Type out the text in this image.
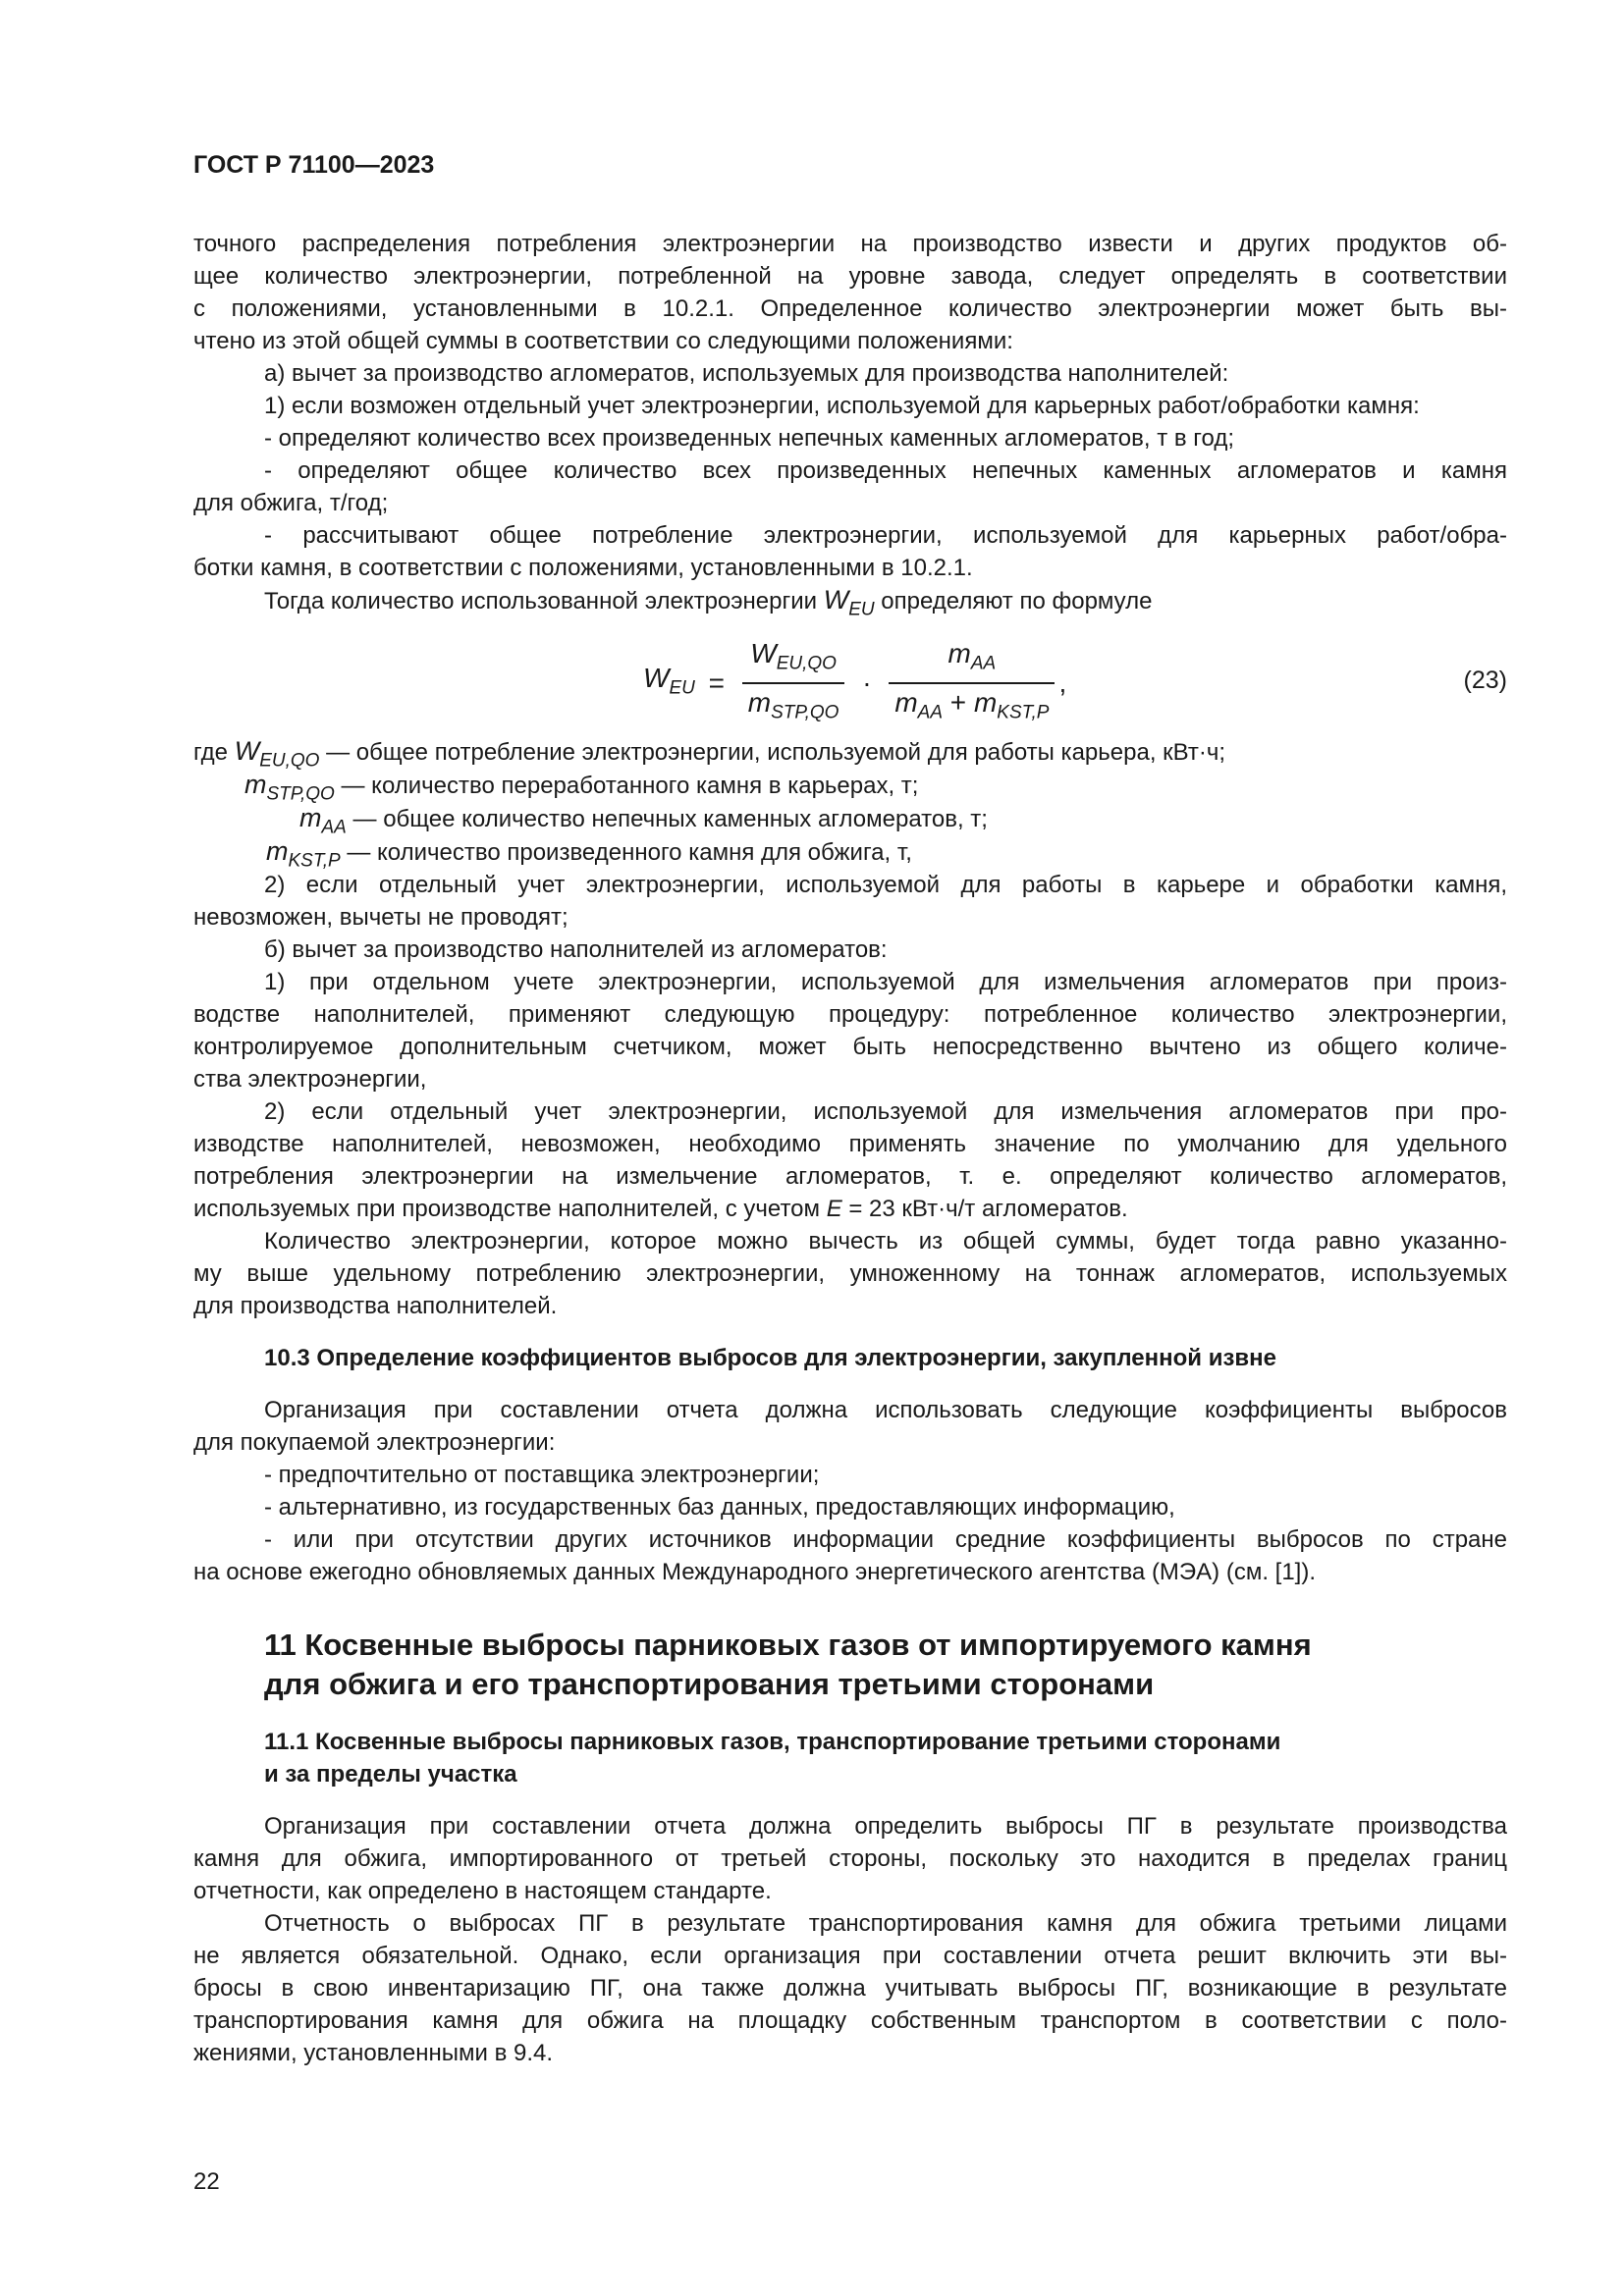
ГОСТ Р 71100—2023

точного распределения потребления электроэнергии на производство извести и других продуктов об-

щее количество электроэнергии, потребленной на уровне завода, следует определять в соответствии

с положениями, установленными в 10.2.1. Определенное количество электроэнергии может быть вы-

чтено из этой общей суммы в соответствии со следующими положениями:

а) вычет за производство агломератов, используемых для производства наполнителей:

1) если возможен отдельный учет электроэнергии, используемой для карьерных работ/обработки камня:

- определяют количество всех произведенных непечных каменных агломератов, т в год;

- определяют общее количество всех произведенных непечных каменных агломератов и камня

для обжига, т/год;

- рассчитывают общее потребление электроэнергии, используемой для карьерных работ/обра-

ботки камня, в соответствии с положениями, установленными в 10.2.1.

Тогда количество использованной электроэнергии $W_{EU}$ определяют по формуле

$W_{EU} = \frac{W_{EU,QO}}{m_{STP,QO}} \cdot \frac{m_{AA}}{m_{AA} + m_{KST,P}}$ ,	(23)
где $W_{EU,QO}$ — общее потребление электроэнергии, используемой для работы карьера, кВт·ч;
$m_{STP,QO}$ — количество переработанного камня в карьерах, т;
$m_{AA}$ — общее количество непечных каменных агломератов, т;
$m_{KST,P}$ — количество произведенного камня для обжига, т,

2) если отдельный учет электроэнергии, используемой для работы в карьере и обработки камня,

невозможен, вычеты не проводят;

б) вычет за производство наполнителей из агломератов:

1) при отдельном учете электроэнергии, используемой для измельчения агломератов при произ-

водстве наполнителей, применяют следующую процедуру: потребленное количество электроэнергии,

контролируемое дополнительным счетчиком, может быть непосредственно вычтено из общего количе-

ства электроэнергии,

2) если отдельный учет электроэнергии, используемой для измельчения агломератов при про-

изводстве наполнителей, невозможен, необходимо применять значение по умолчанию для удельного

потребления электроэнергии на измельчение агломератов, т. е. определяют количество агломератов,

используемых при производстве наполнителей, с учетом E = 23 кВт·ч/т агломератов.

Количество электроэнергии, которое можно вычесть из общей суммы, будет тогда равно указанно-

му выше удельному потреблению электроэнергии, умноженному на тоннаж агломератов, используемых

для производства наполнителей.

10.3 Определение коэффициентов выбросов для электроэнергии, закупленной извне

Организация при составлении отчета должна использовать следующие коэффициенты выбросов

для покупаемой электроэнергии:

- предпочтительно от поставщика электроэнергии;

- альтернативно, из государственных баз данных, предоставляющих информацию,

- или при отсутствии других источников информации средние коэффициенты выбросов по стране

на основе ежегодно обновляемых данных Международного энергетического агентства (МЭА) (см. [1]).

11 Косвенные выбросы парниковых газов от импортируемого камня

для обжига и его транспортирования третьими сторонами

11.1 Косвенные выбросы парниковых газов, транспортирование третьими сторонами

и за пределы участка

Организация при составлении отчета должна определить выбросы ПГ в результате производства

камня для обжига, импортированного от третьей стороны, поскольку это находится в пределах границ

отчетности, как определено в настоящем стандарте.

Отчетность о выбросах ПГ в результате транспортирования камня для обжига третьими лицами

не является обязательной. Однако, если организация при составлении отчета решит включить эти вы-

бросы в свою инвентаризацию ПГ, она также должна учитывать выбросы ПГ, возникающие в результате

транспортирования камня для обжига на площадку собственным транспортом в соответствии с поло-

жениями, установленными в 9.4.

22
